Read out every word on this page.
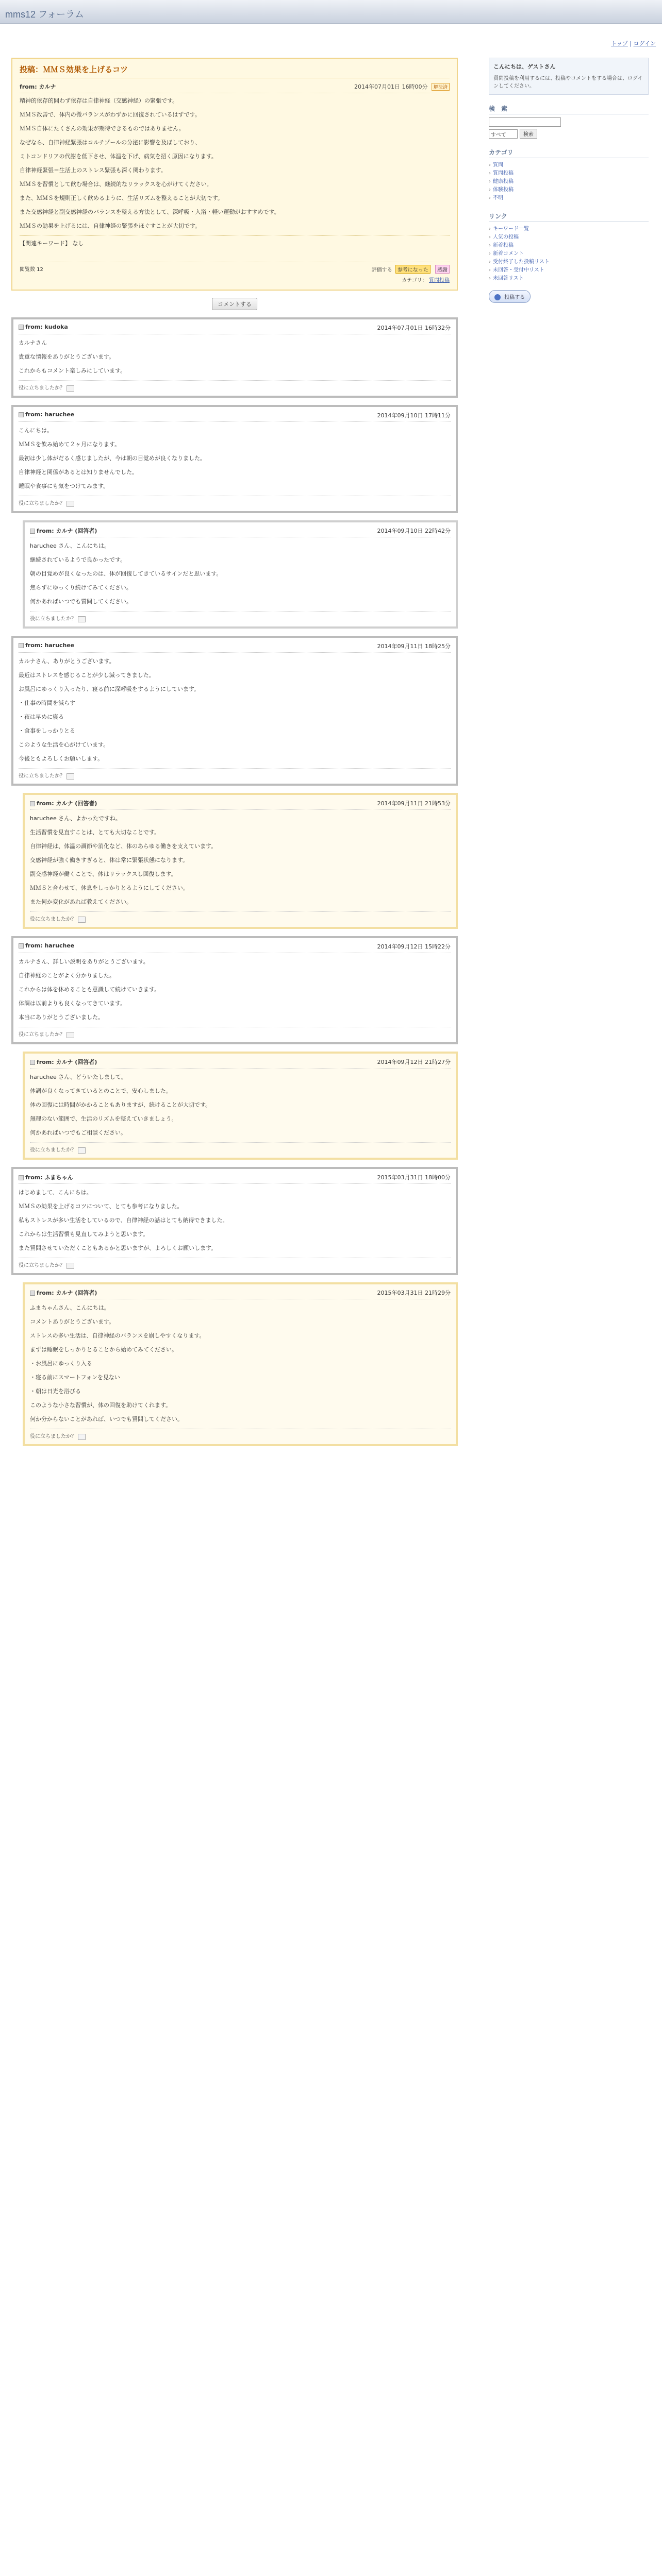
mms12 フォーラム
トップ | ログイン
投稿：ＭＭＳ効果を上げるコツ
from: カルナ	2014年07月01日 16時00分 解決済

精神的依存的問わず依存は自律神経（交感神経）の緊張です。

ＭＭＳ改善で、体内の微バランスがわずかに回復されているはずです。

ＭＭＳ自体にたくさんの効果が期待できるものではありません。

なぜなら、自律神経緊張はコルチゾールの分泌に影響を及ぼしており、

ミトコンドリアの代謝を低下させ、体温を下げ、病気を招く原因になります。

自律神経緊張＝生活上のストレス緊張も深く関わります。

ＭＭＳを習慣として飲む場合は、継続的なリラックスを心がけてください。

また、ＭＭＳを規則正しく飲めるように、生活リズムを整えることが大切です。

また交感神経と副交感神経のバランスを整える方法として、深呼吸・入浴・軽い運動がおすすめです。

ＭＭＳの効果を上げるには、自律神経の緊張をほぐすことが大切です。

【関連キーワード】 なし
閲覧数 12	評価する 参考になった 感謝
カテゴリ： 質問投稿
コメントする
from: kudoka	2014年07月01日 16時32分

カルナさん

貴重な情報をありがとうございます。

これからもコメント楽しみにしています。

役に立ちましたか？
from: haruchee	2014年09月10日 17時11分

こんにちは。

ＭＭＳを飲み始めて２ヶ月になります。

最初は少し体がだるく感じましたが、今は朝の目覚めが良くなりました。

自律神経と関係があるとは知りませんでした。

睡眠や食事にも気をつけてみます。

役に立ちましたか？
from: カルナ (回答者)	2014年09月10日 22時42分

haruchee さん、こんにちは。

継続されているようで良かったです。

朝の目覚めが良くなったのは、体が回復してきているサインだと思います。

焦らずにゆっくり続けてみてください。

何かあればいつでも質問してください。

役に立ちましたか？
from: haruchee	2014年09月11日 18時25分

カルナさん、ありがとうございます。

最近はストレスを感じることが少し減ってきました。

お風呂にゆっくり入ったり、寝る前に深呼吸をするようにしています。

・仕事の時間を減らす

・夜は早めに寝る

・食事をしっかりとる

このような生活を心がけています。

今後ともよろしくお願いします。

役に立ちましたか？
from: カルナ (回答者)	2014年09月11日 21時53分

haruchee さん、よかったですね。

生活習慣を見直すことは、とても大切なことです。

自律神経は、体温の調節や消化など、体のあらゆる働きを支えています。

交感神経が強く働きすぎると、体は常に緊張状態になります。

副交感神経が働くことで、体はリラックスし回復します。

ＭＭＳと合わせて、休息をしっかりとるようにしてください。

また何か変化があれば教えてください。

役に立ちましたか？
from: haruchee	2014年09月12日 15時22分

カルナさん、詳しい説明をありがとうございます。

自律神経のことがよく分かりました。

これからは体を休めることも意識して続けていきます。

体調は以前よりも良くなってきています。

本当にありがとうございました。

役に立ちましたか？
from: カルナ (回答者)	2014年09月12日 21時27分

haruchee さん、どういたしまして。

体調が良くなってきているとのことで、安心しました。

体の回復には時間がかかることもありますが、続けることが大切です。

無理のない範囲で、生活のリズムを整えていきましょう。

何かあればいつでもご相談ください。

役に立ちましたか？
from: ふまちゃん	2015年03月31日 18時00分

はじめまして、こんにちは。

ＭＭＳの効果を上げるコツについて、とても参考になりました。

私もストレスが多い生活をしているので、自律神経の話はとても納得できました。

これからは生活習慣も見直してみようと思います。

また質問させていただくこともあるかと思いますが、よろしくお願いします。

役に立ちましたか？
from: カルナ (回答者)	2015年03月31日 21時29分

ふまちゃんさん、こんにちは。

コメントありがとうございます。

ストレスの多い生活は、自律神経のバランスを崩しやすくなります。

まずは睡眠をしっかりとることから始めてみてください。

・お風呂にゆっくり入る

・寝る前にスマートフォンを見ない

・朝は日光を浴びる

このような小さな習慣が、体の回復を助けてくれます。

何か分からないことがあれば、いつでも質問してください。

役に立ちましたか？
こんにちは、ゲストさん
質問投稿を利用するには、投稿やコメントをする場合は、ログインしてください。
検　索
すべて	検索
カテゴリ
› 質問
› 質問投稿
› 健康投稿
› 体験投稿
› 不明
リンク
› キーワード一覧
› 人気の投稿
› 新着投稿
› 新着コメント
› 受付終了した投稿リスト
› 未回答・受付中リスト
› 未回答リスト
投稿する
